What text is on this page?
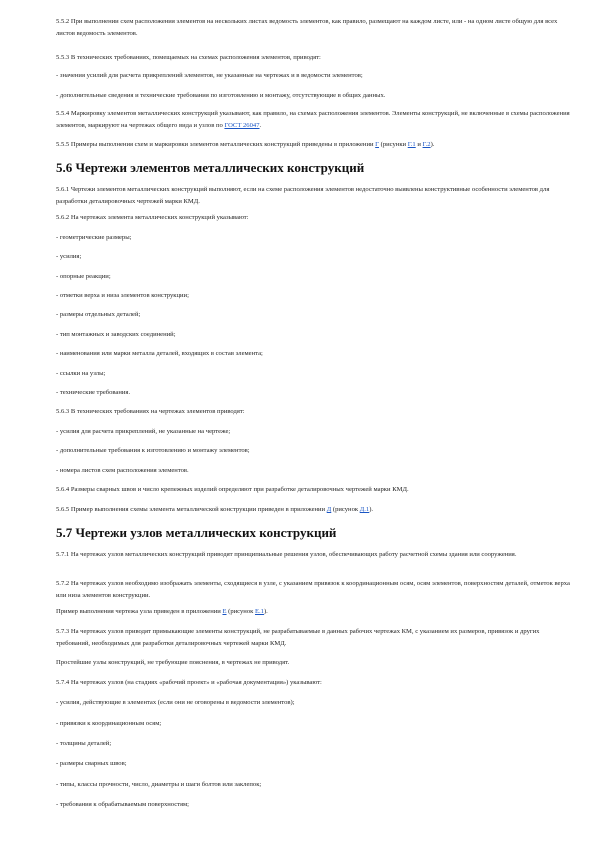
5.5.2 При выполнении схем расположения элементов на нескольких листах ведомость элементов, как правило, размещают на каждом листе, или - на одном листе общую для всех листов ведомость элементов.
5.5.3 В технических требованиях, помещаемых на схемах расположения элементов, приводят:
- значения усилий для расчета прикреплений элементов, не указанные на чертежах и в ведомости элементов;
- дополнительные сведения и технические требования по изготовлению и монтажу, отсутствующие в общих данных.
5.5.4 Маркировку элементов металлических конструкций указывают, как правило, на схемах расположения элементов. Элементы конструкций, не включенные в схемы расположения элементов, маркируют на чертежах общего вида и узлов по ГОСТ 26047.
5.5.5 Примеры выполнения схем и маркировки элементов металлических конструкций приведены в приложении Г (рисунки Г.1 и Г.2).
5.6 Чертежи элементов металлических конструкций
5.6.1 Чертежи элементов металлических конструкций выполняют, если на схеме расположения элементов недостаточно выявлены конструктивные особенности элементов для разработки деталировочных чертежей марки КМД.
5.6.2 На чертежах элемента металлических конструкций указывают:
- геометрические размеры;
- усилия;
- опорные реакции;
- отметки верха и низа элементов конструкции;
- размеры отдельных деталей;
- тип монтажных и заводских соединений;
- наименования или марки металла деталей, входящих в состав элемента;
- ссылки на узлы;
- технические требования.
5.6.3 В технических требованиях на чертежах элементов приводят:
- усилия для расчета прикреплений, не указанные на чертеже;
- дополнительные требования к изготовлению и монтажу элементов;
- номера листов схем расположения элементов.
5.6.4 Размеры сварных швов и число крепежных изделий определяют при разработке деталировочных чертежей марки КМД.
5.6.5 Пример выполнения схемы элемента металлической конструкции приведен в приложении Д (рисунок Д.1).
5.7 Чертежи узлов металлических конструкций
5.7.1 На чертежах узлов металлических конструкций приводят принципиальные решения узлов, обеспечивающих работу расчетной схемы здания или сооружения.
5.7.2 На чертежах узлов необходимо изображать элементы, сходящиеся в узле, с указанием привязок к координационным осям, осям элементов, поверхностям деталей, отметок верха или низа элементов конструкции.
Пример выполнения чертежа узла приведен в приложении Е (рисунок Е.1).
5.7.3 На чертежах узлов приводят примыкающие элементы конструкций, не разрабатываемые в данных рабочих чертежах КМ, с указанием их размеров, привязок и других требований, необходимых для разработки деталировочных чертежей марки КМД.
Простейшие узлы конструкций, не требующие пояснения, в чертежах не приводят.
5.7.4 На чертежах узлов (на стадиях «рабочий проект» и «рабочая документация») указывают:
- усилия, действующие в элементах (если они не оговорены в ведомости элементов);
- привязки к координационным осям;
- толщины деталей;
- размеры сварных швов;
- типы, классы прочности, число, диаметры и шаги болтов или заклепок;
- требования к обрабатываемым поверхностям;
